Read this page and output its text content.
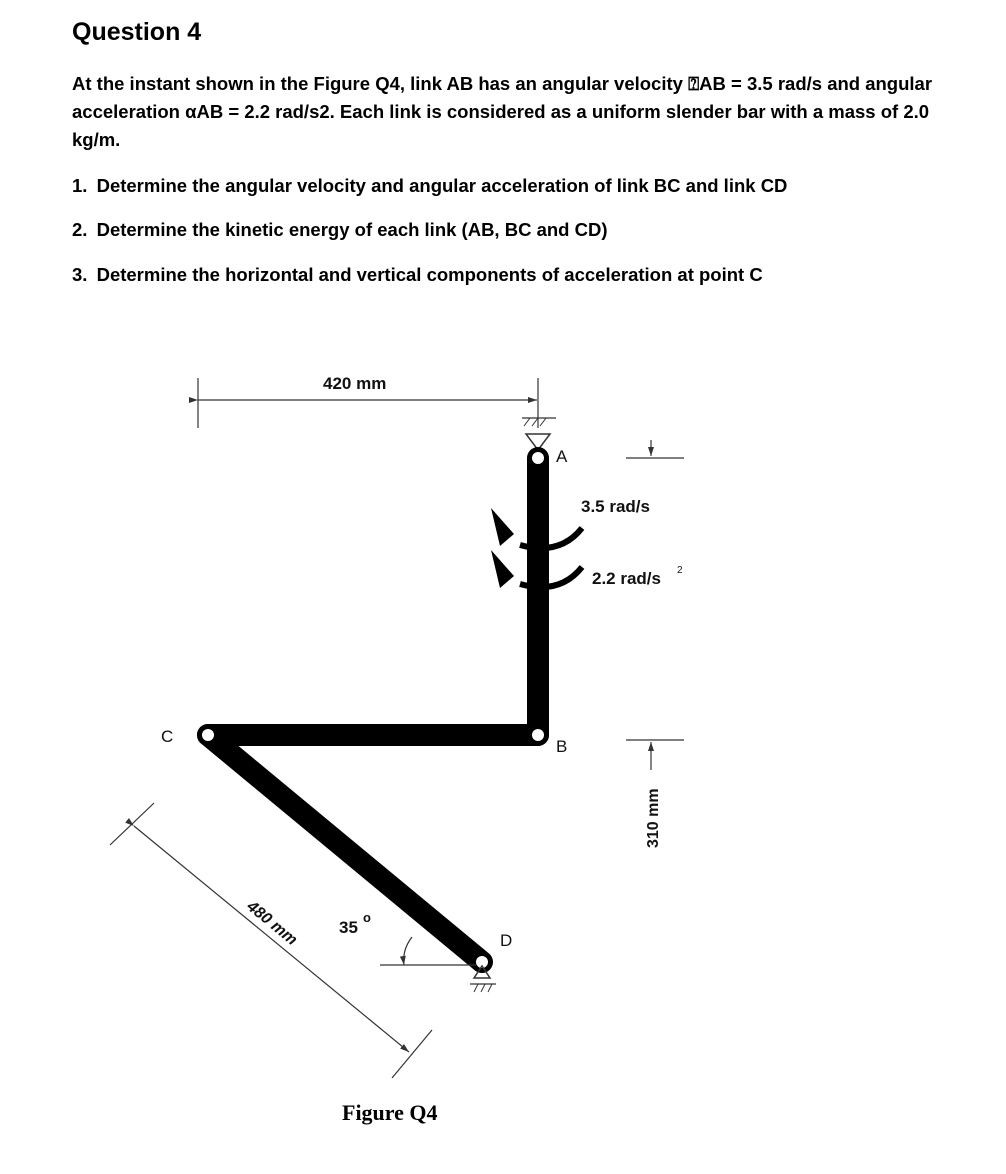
Question 4

At the instant shown in the Figure Q4, link AB has an angular velocity ⍰AB = 3.5 rad/s and angular acceleration αAB = 2.2 rad/s2. Each link is considered as a uniform slender bar with a mass of 2.0 kg/m.

1. Determine the angular velocity and angular acceleration of link BC and link CD

2. Determine the kinetic energy of each link (AB, BC and CD)

3. Determine the horizontal and vertical components of acceleration at point C

420 mm
A
B
C
D
3.5 rad/s
2.2 rad/s 2
310 mm
480 mm 35
o
Figure Q4
